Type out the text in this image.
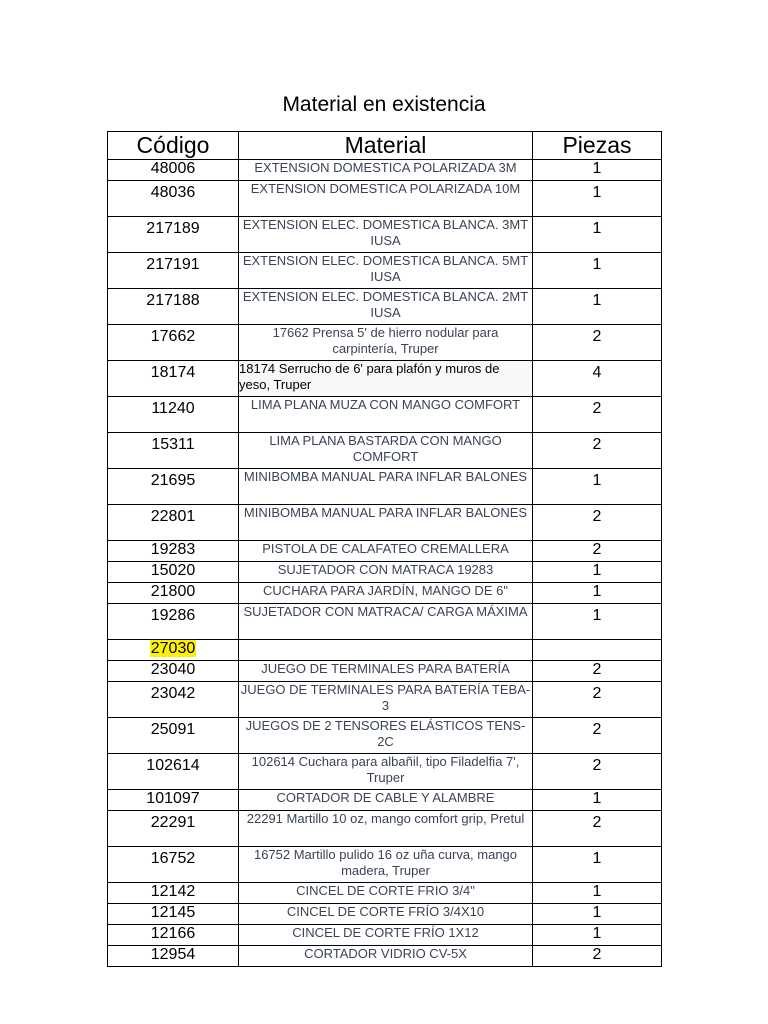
Material en existencia
Código	Material	Piezas
48006	EXTENSION DOMESTICA POLARIZADA 3M	1
48036	EXTENSION DOMESTICA POLARIZADA 10M	1
217189	EXTENSION ELEC. DOMESTICA BLANCA. 3MT IUSA	1
217191	EXTENSION ELEC. DOMESTICA BLANCA. 5MT IUSA	1
217188	EXTENSION ELEC. DOMESTICA BLANCA. 2MT IUSA	1
17662	17662 Prensa 5' de hierro nodular para carpintería, Truper	2
18174	18174 Serrucho de 6' para plafón y muros de yeso, Truper	4
11240	LIMA PLANA MUZA CON MANGO COMFORT	2
15311	LIMA PLANA BASTARDA CON MANGO COMFORT	2
21695	MINIBOMBA MANUAL PARA INFLAR BALONES	1
22801	MINIBOMBA MANUAL PARA INFLAR BALONES	2
19283	PISTOLA DE CALAFATEO CREMALLERA	2
15020	SUJETADOR CON MATRACA 19283	1
21800	CUCHARA PARA JARDÍN, MANGO DE 6"	1
19286	SUJETADOR CON MATRACA/ CARGA MÁXIMA	1
27030		
23040	JUEGO DE TERMINALES PARA BATERÍA	2
23042	JUEGO DE TERMINALES PARA BATERÍA TEBA-3	2
25091	JUEGOS DE 2 TENSORES ELÁSTICOS TENS-2C	2
102614	102614 Cuchara para albañil, tipo Filadelfia 7', Truper	2
101097	CORTADOR DE CABLE Y ALAMBRE	1
22291	22291 Martillo 10 oz, mango comfort grip, Pretul	2
16752	16752 Martillo pulido 16 oz uña curva, mango madera, Truper	1
12142	CINCEL DE CORTE FRIO 3/4"	1
12145	CINCEL DE CORTE FRÍO 3/4X10	1
12166	CINCEL DE CORTE FRÍO 1X12	1
12954	CORTADOR VIDRIO CV-5X	2
